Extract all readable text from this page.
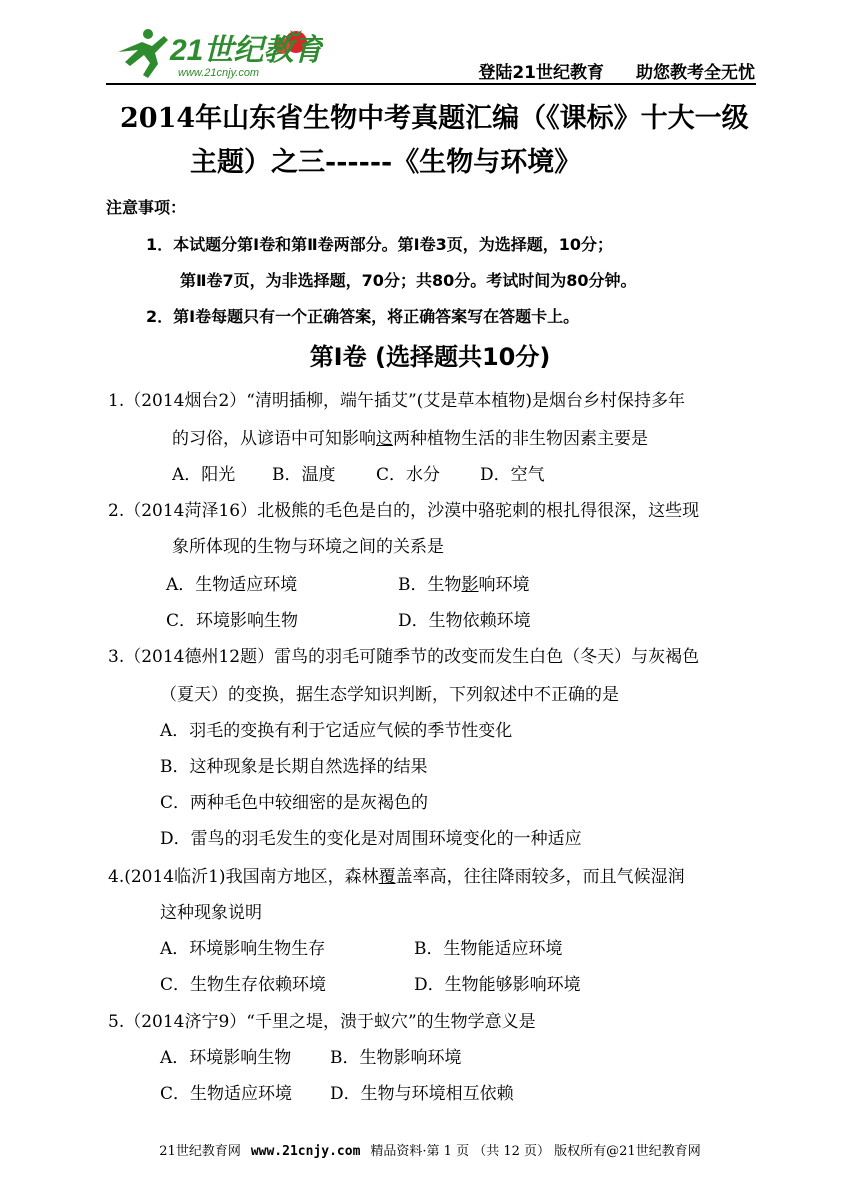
21世纪教育
www.21cnjy.com	登陆21世纪教育 助您教考全无忧
2014年山东省生物中考真题汇编（《课标》十大一级
主题）之三------《生物与环境》
注意事项：
1．本试题分第Ⅰ卷和第Ⅱ卷两部分。第Ⅰ卷3页，为选择题，10分；
第Ⅱ卷7页，为非选择题，70分；共80分。考试时间为80分钟。
2．第Ⅰ卷每题只有一个正确答案，将正确答案写在答题卡上。
第Ⅰ卷 (选择题共10分)
1.（2014烟台2）“清明插柳，端午插艾”(艾是草本植物)是烟台乡村保持多年
的习俗，从谚语中可知影响这两种植物生活的非生物因素主要是
A．阳光 B．温度 C．水分 D．空气
2.（2014菏泽16）北极熊的毛色是白的，沙漠中骆驼刺的根扎得很深，这些现
象所体现的生物与环境之间的关系是
A．生物适应环境	B．生物影响环境
C．环境影响生物	D．生物依赖环境
3.（2014德州12题）雷鸟的羽毛可随季节的改变而发生白色（冬天）与灰褐色
（夏天）的变换，据生态学知识判断，下列叙述中不正确的是
A．羽毛的变换有利于它适应气候的季节性变化
B．这种现象是长期自然选择的结果
C．两种毛色中较细密的是灰褐色的
D．雷鸟的羽毛发生的变化是对周围环境变化的一种适应
4.(2014临沂1)我国南方地区，森林覆盖率高，往往降雨较多，而且气候湿润
这种现象说明
A．环境影响生物生存	B．生物能适应环境
C．生物生存依赖环境	D．生物能够影响环境
5.（2014济宁9）“千里之堤，溃于蚁穴”的生物学意义是
A．环境影响生物 B．生物影响环境
C．生物适应环境 D．生物与环境相互依赖
21世纪教育网 www.21cnjy.com 精品资料·第 1 页 （共 12 页） 版权所有@21世纪教育网
